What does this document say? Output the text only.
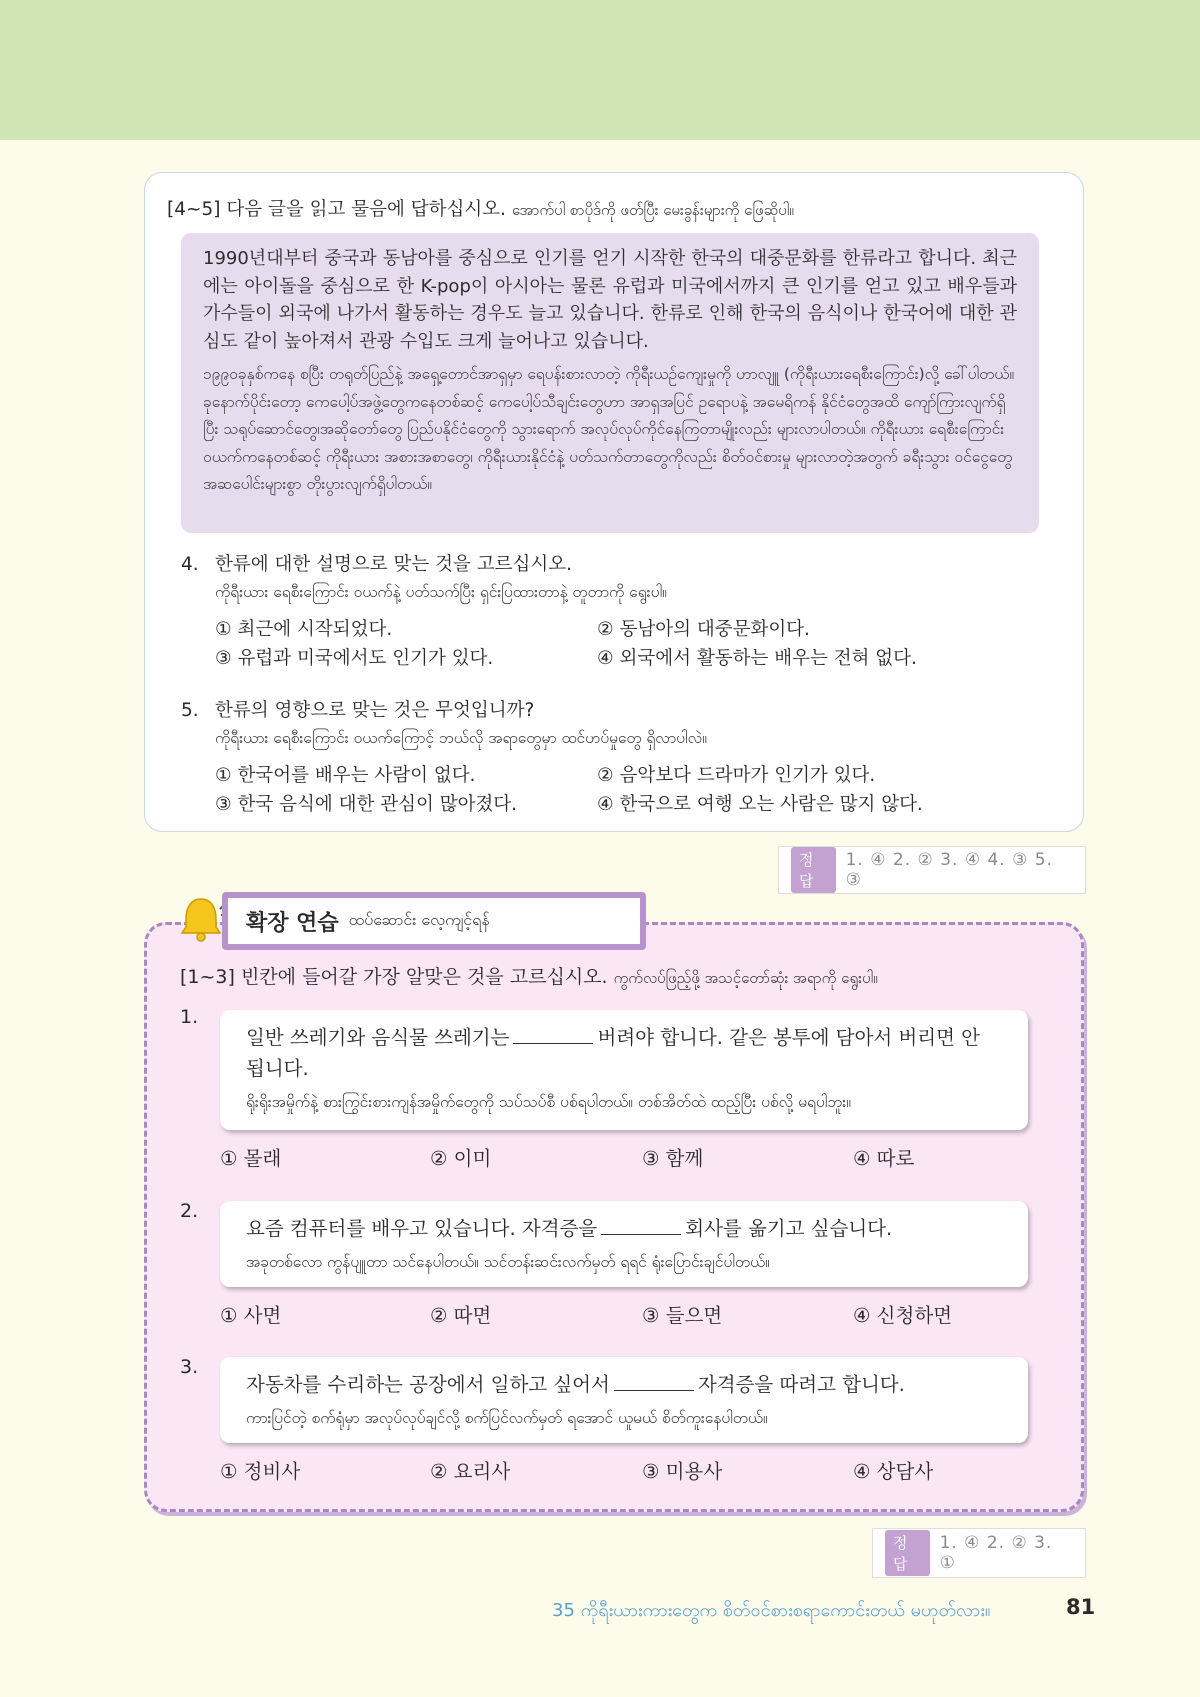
[4~5] 다음 글을 읽고 물음에 답하십시오. အောက်ပါ စာပိုဒ်ကို ဖတ်ပြီး မေးခွန်းများကို ဖြေဆိုပါ။

1990년대부터 중국과 동남아를 중심으로 인기를 얻기 시작한 한국의 대중문화를 한류라고 합니다. 최근에는 아이돌을 중심으로 한 K-pop이 아시아는 물론 유럽과 미국에서까지 큰 인기를 얻고 있고 배우들과 가수들이 외국에 나가서 활동하는 경우도 늘고 있습니다. 한류로 인해 한국의 음식이나 한국어에 대한 관심도 같이 높아져서 관광 수입도 크게 늘어나고 있습니다.

၁၉၉၀ခုနှစ်ကနေ စပြီး တရုတ်ပြည်နဲ့ အရှေ့တောင်အာရှမှာ ရေပန်းစားလာတဲ့ ကိုရီးယဉ်ကျေးမှုကို ဟာလျူ (ကိုရီးယားရေစီးကြောင်း)လို့ ခေါ်ပါတယ်။ ခုနောက်ပိုင်းတော့ ကေပေါ့ပ်အဖွဲ့တွေကနေတစ်ဆင့် ကေပေါ့ပ်သီချင်းတွေဟာ အာရှအပြင် ဥရောပနဲ့ အမေရိကန် နိုင်ငံတွေအထိ ကျော်ကြားလျက်ရှိပြီး သရုပ်ဆောင်တွေ၊အဆိုတော်တွေ ပြည်ပနိုင်ငံတွေကို သွားရောက် အလုပ်လုပ်ကိုင်နေကြတာမျိုးလည်း များလာပါတယ်။ ကိုရီးယား ရေစီးကြောင်း ဝယက်ကနေတစ်ဆင့် ကိုရီးယား အစားအစာတွေ၊ ကိုရီးယားနိုင်ငံနဲ့ ပတ်သက်တာတွေကိုလည်း စိတ်ဝင်စားမှု များလာတဲ့အတွက် ခရီးသွား ဝင်ငွေတွေ အဆပေါင်းများစွာ တိုးပွားလျက်ရှိပါတယ်။

4. 한류에 대한 설명으로 맞는 것을 고르십시오.
ကိုရီးယား ရေစီးကြောင်း ဝယက်နဲ့ ပတ်သက်ပြီး ရှင်းပြထားတာနဲ့ တူတာကို ရွေးပါ။
① 최근에 시작되었다.	② 동남아의 대중문화이다.
③ 유럽과 미국에서도 인기가 있다.	④ 외국에서 활동하는 배우는 전혀 없다.
5. 한류의 영향으로 맞는 것은 무엇입니까?
ကိုရီးယား ရေစီးကြောင်း ဝယက်ကြောင့် ဘယ်လို အရာတွေမှာ ထင်ဟပ်မှုတွေ ရှိလာပါလဲ။
① 한국어를 배우는 사람이 없다.	② 음악보다 드라마가 인기가 있다.
③ 한국 음식에 대한 관심이 많아졌다.	④ 한국으로 여행 오는 사람은 많지 않다.
정답
1. ④ 2. ② 3. ④ 4. ③ 5. ③
확장 연습 ထပ်ဆောင်း လေ့ကျင့်ရန်
[1~3] 빈칸에 들어갈 가장 알맞은 것을 고르십시오. ကွက်လပ်ဖြည့်ဖို့ အသင့်တော်ဆုံး အရာကို ရွေးပါ။
1.
일반 쓰레기와 음식물 쓰레기는	버려야 합니다. 같은 봉투에 담아서 버리면 안 됩니다.
ရိုးရိုးအမှိုက်နဲ့ စားကြွင်းစားကျန်အမှိုက်တွေကို သပ်သပ်စီ ပစ်ရပါတယ်။ တစ်အိတ်ထဲ ထည့်ပြီး ပစ်လို့ မရပါဘူး။
① 몰래	② 이미	③ 함께	④ 따로
2.
요즘 컴퓨터를 배우고 있습니다. 자격증을	회사를 옮기고 싶습니다.
အခုတစ်လော ကွန်ပျူတာ သင်နေပါတယ်။ သင်တန်းဆင်းလက်မှတ် ရရင် ရုံးပြောင်းချင်ပါတယ်။
① 사면	② 따면	③ 들으면	④ 신청하면
3.
자동차를 수리하는 공장에서 일하고 싶어서	자격증을 따려고 합니다.
ကားပြင်တဲ့ စက်ရုံမှာ အလုပ်လုပ်ချင်လို့ စက်ပြင်လက်မှတ် ရအောင် ယူမယ် စိတ်ကူးနေပါတယ်။
① 정비사	② 요리사	③ 미용사	④ 상담사
정답
1. ④ 2. ② 3. ①
35 ကိုရီးယားကားတွေက စိတ်ဝင်စားစရာကောင်းတယ် မဟုတ်လား။	81
